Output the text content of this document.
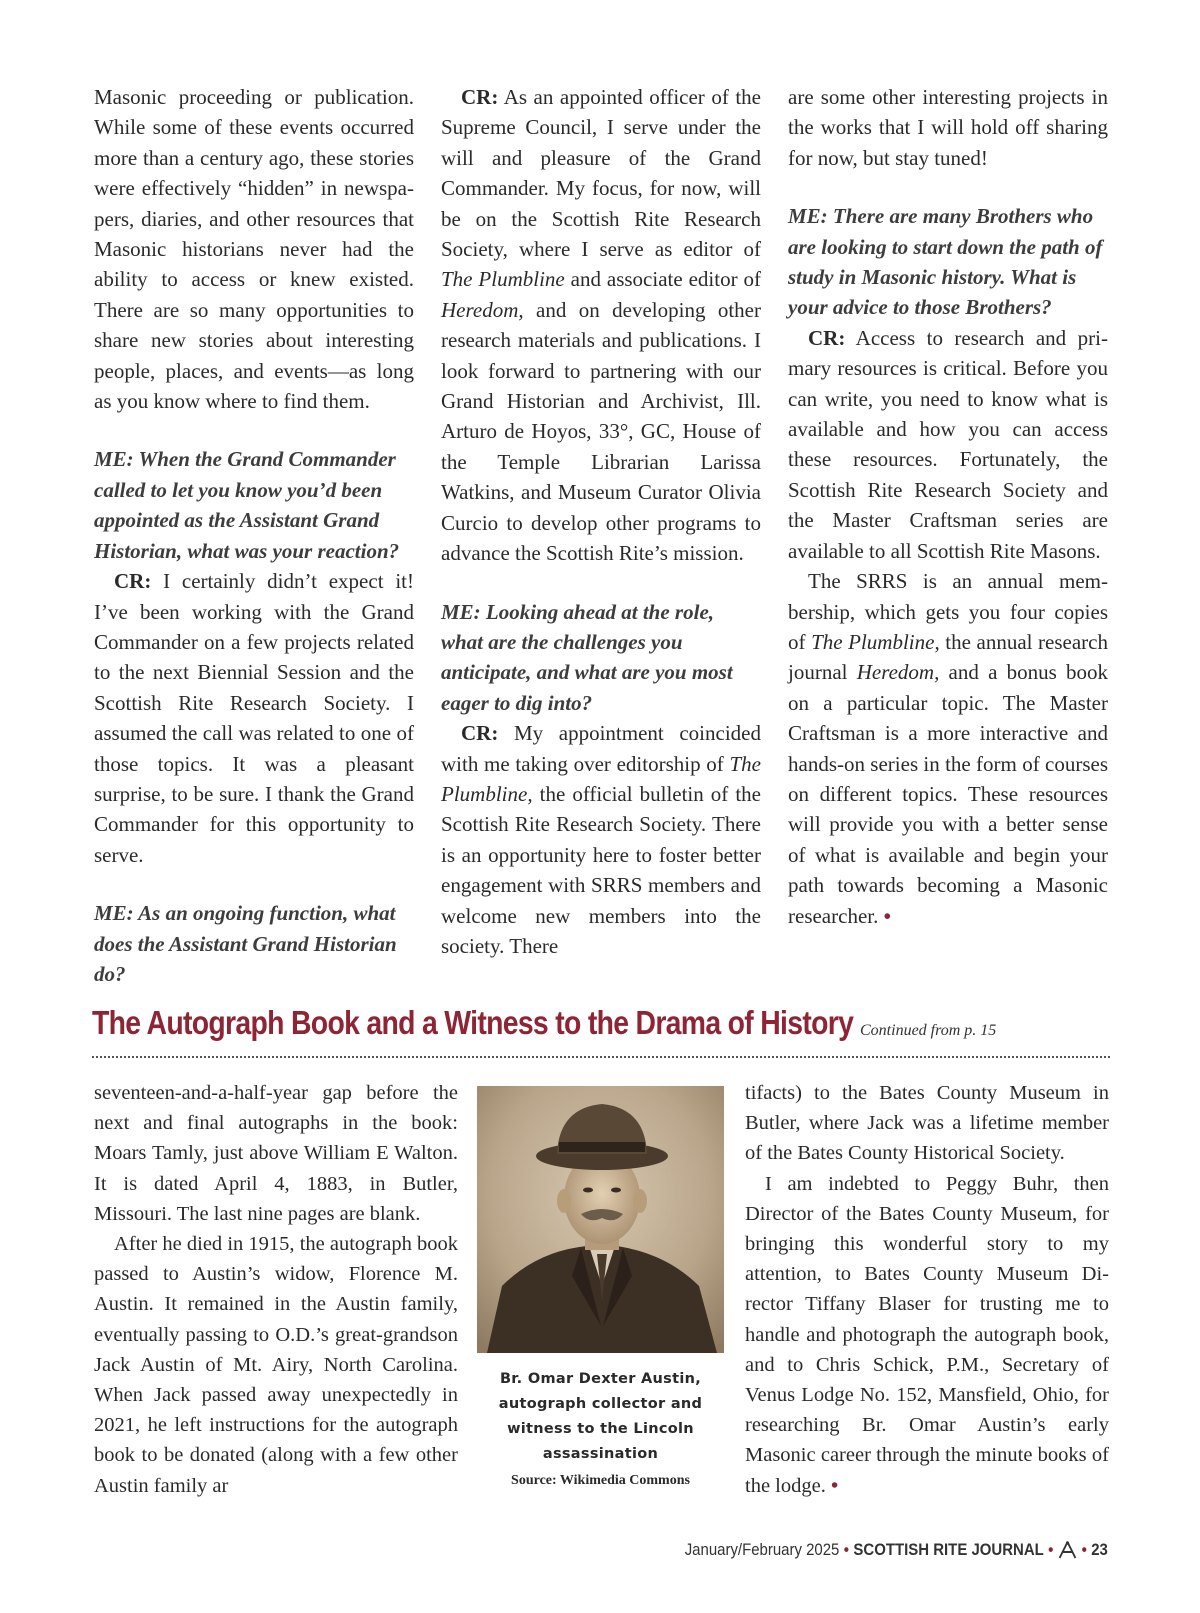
Masonic proceeding or publication. While some of these events occurred more than a century ago, these stories were effectively “hidden” in newspapers, diaries, and other resources that Masonic historians never had the ability to access or knew existed. There are so many opportunities to share new stories about interesting people, places, and events—as long as you know where to find them.

ME: When the Grand Commander called to let you know you’d been appointed as the Assistant Grand Historian, what was your reaction?

CR: I certainly didn’t expect it! I’ve been working with the Grand Commander on a few projects related to the next Biennial Session and the Scottish Rite Research Society. I assumed the call was related to one of those topics. It was a pleasant surprise, to be sure. I thank the Grand Commander for this opportunity to serve.

ME: As an ongoing function, what does the Assistant Grand Historian do?

CR: As an appointed officer of the Supreme Council, I serve under the will and pleasure of the Grand Commander. My focus, for now, will be on the Scottish Rite Research Society, where I serve as editor of The Plumbline and associate editor of Heredom, and on developing other research materials and publications. I look forward to partnering with our Grand Historian and Archivist, Ill. Arturo de Hoyos, 33°, GC, House of the Temple Librarian Larissa Watkins, and Museum Curator Olivia Curcio to develop other programs to advance the Scottish Rite’s mission.

ME: Looking ahead at the role, what are the challenges you anticipate, and what are you most eager to dig into?

CR: My appointment coincided with me taking over editorship of The Plumbline, the official bulletin of the Scottish Rite Research Society. There is an opportunity here to foster better engagement with SRRS members and welcome new members into the society. There

are some other interesting projects in the works that I will hold off sharing for now, but stay tuned!

ME: There are many Brothers who are looking to start down the path of study in Masonic history. What is your advice to those Brothers?

CR: Access to research and primary resources is critical. Before you can write, you need to know what is available and how you can access these resources. Fortunately, the Scottish Rite Research Society and the Master Craftsman series are available to all Scottish Rite Masons.

The SRRS is an annual membership, which gets you four copies of The Plumbline, the annual research journal Heredom, and a bonus book on a particular topic. The Master Craftsman is a more interactive and hands-on series in the form of courses on different topics. These resources will provide you with a better sense of what is available and begin your path towards becoming a Masonic researcher. •

The Autograph Book and a Witness to the Drama of History Continued from p. 15

seventeen-and-a-half-year gap before the next and final autographs in the book: Moars Tamly, just above William E Walton. It is dated April 4, 1883, in Butler, Missouri. The last nine pages are blank.

After he died in 1915, the autograph book passed to Austin’s widow, Florence M. Austin. It remained in the Austin family, eventually passing to O.D.’s great-grandson Jack Austin of Mt. Airy, North Carolina. When Jack passed away unexpectedly in 2021, he left instructions for the autograph book to be donated (along with a few other Austin family ar

Br. Omar Dexter Austin, autograph collector and witness to the Lincoln assassination
Source: Wikimedia Commons

tifacts) to the Bates County Museum in Butler, where Jack was a lifetime member of the Bates County Historical Society.

I am indebted to Peggy Buhr, then Director of the Bates County Museum, for bringing this wonderful story to my attention, to Bates County Museum Director Tiffany Blaser for trusting me to handle and photograph the autograph book, and to Chris Schick, P.M., Secretary of Venus Lodge No. 152, Mansfield, Ohio, for researching Br. Omar Austin’s early Masonic career through the minute books of the lodge. •

January/February 2025 • SCOTTISH RITE JOURNAL • • 23
